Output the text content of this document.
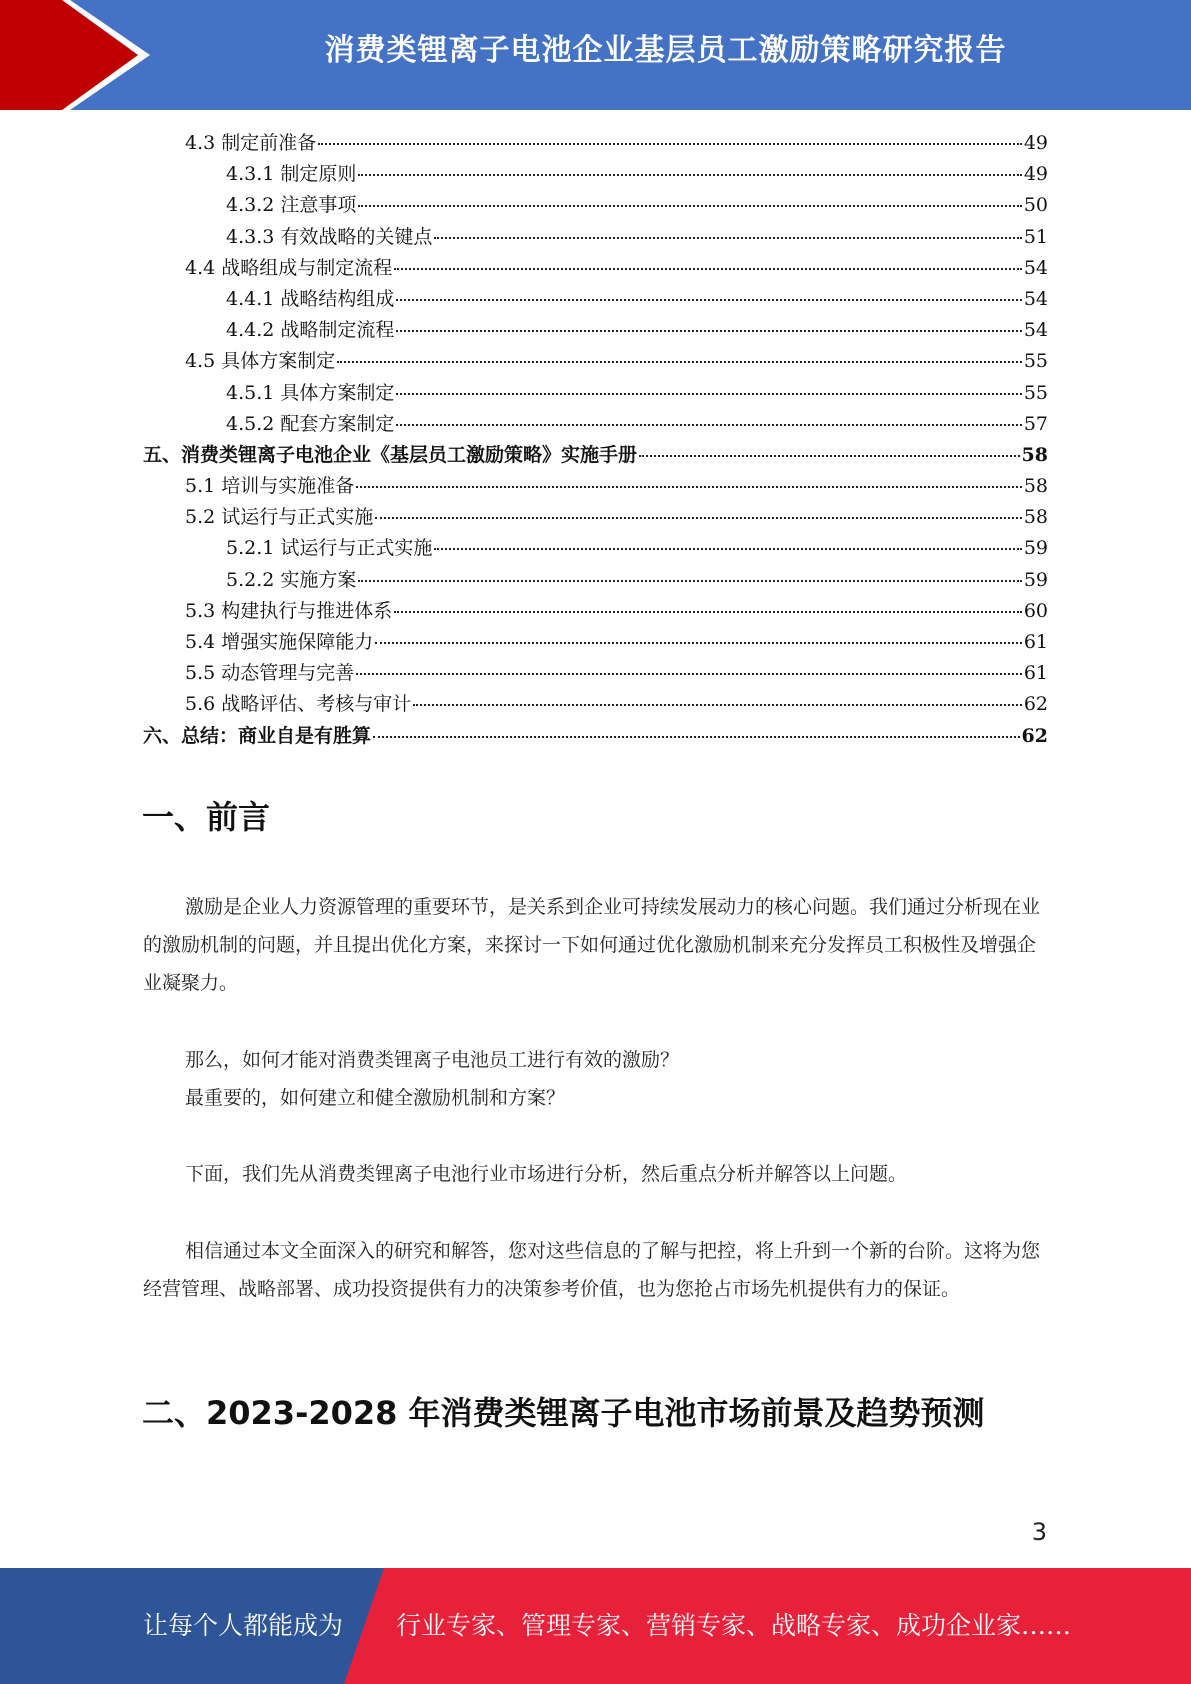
消费类锂离子电池企业基层员工激励策略研究报告
4.3 制定前准备	49
4.3.1 制定原则	49
4.3.2 注意事项	50
4.3.3 有效战略的关键点	51
4.4 战略组成与制定流程	54
4.4.1 战略结构组成	54
4.4.2 战略制定流程	54
4.5 具体方案制定	55
4.5.1 具体方案制定	55
4.5.2 配套方案制定	57
五、消费类锂离子电池企业《基层员工激励策略》实施手册	58
5.1 培训与实施准备	58
5.2 试运行与正式实施	58
5.2.1 试运行与正式实施	59
5.2.2 实施方案	59
5.3 构建执行与推进体系	60
5.4 增强实施保障能力	61
5.5 动态管理与完善	61
5.6 战略评估、考核与审计	62
六、总结：商业自是有胜算	62
一、前言

激励是企业人力资源管理的重要环节，是关系到企业可持续发展动力的核心问题。我们通过分析现在业的激励机制的问题，并且提出优化方案，来探讨一下如何通过优化激励机制来充分发挥员工积极性及增强企业凝聚力。

那么，如何才能对消费类锂离子电池员工进行有效的激励？
最重要的，如何建立和健全激励机制和方案？
下面，我们先从消费类锂离子电池行业市场进行分析，然后重点分析并解答以上问题。

相信通过本文全面深入的研究和解答，您对这些信息的了解与把控，将上升到一个新的台阶。这将为您经营管理、战略部署、成功投资提供有力的决策参考价值，也为您抢占市场先机提供有力的保证。

二、2023-2028 年消费类锂离子电池市场前景及趋势预测
3
让每个人都能成为 行业专家、管理专家、营销专家、战略专家、成功企业家……
